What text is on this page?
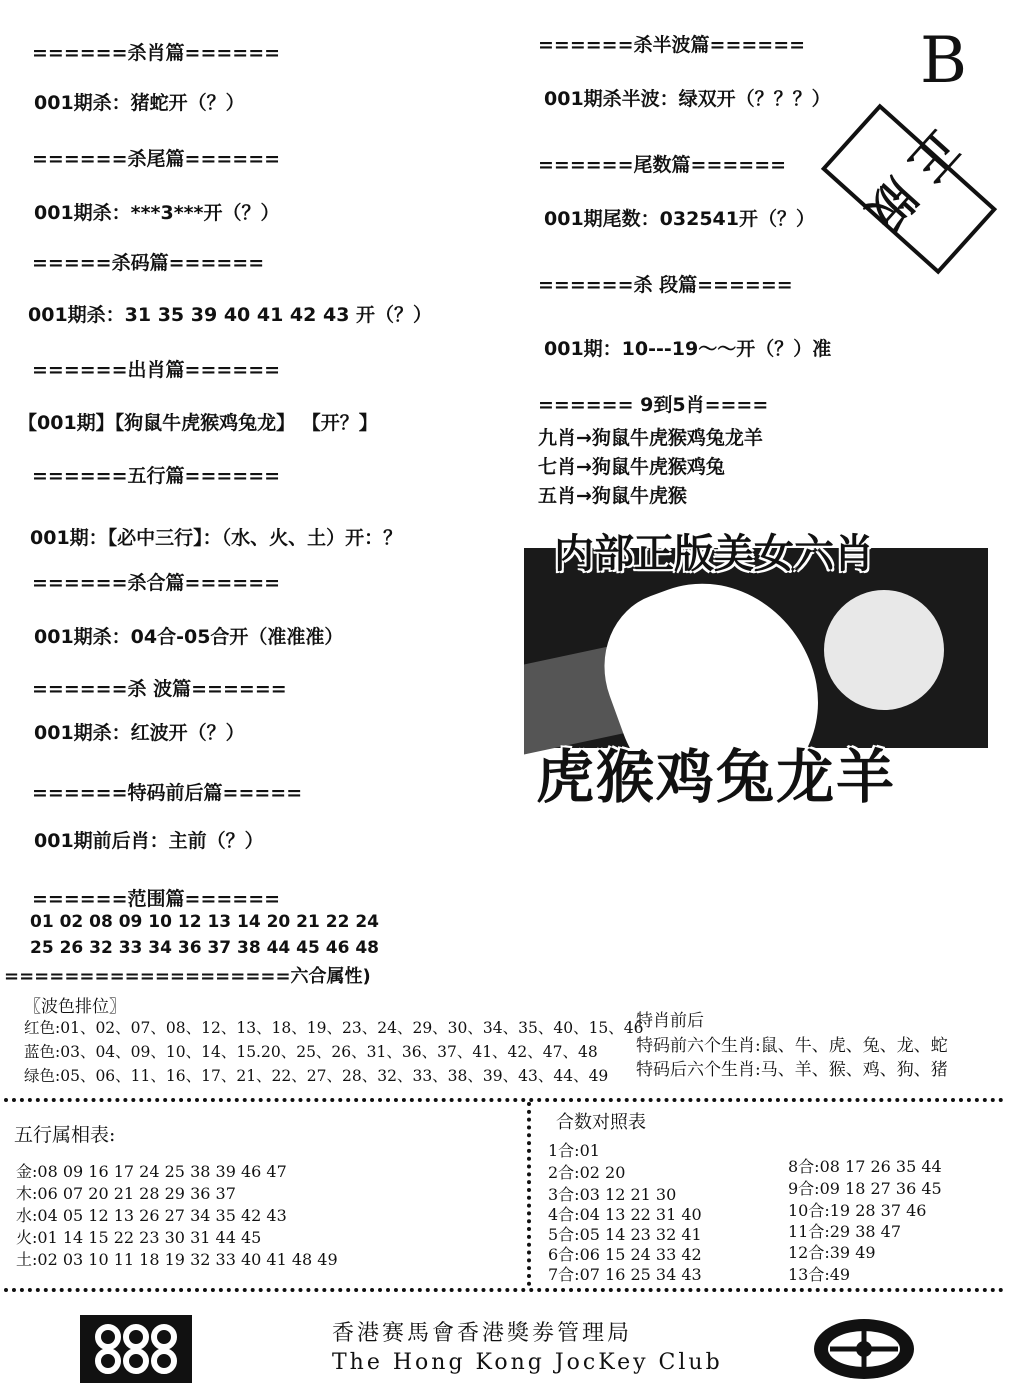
======杀肖篇======
001期杀：猪蛇开（？）
======杀尾篇======
001期杀：***3***开（？）
=====杀码篇======
001期杀：31 35 39 40 41 42 43 开（？）
======出肖篇======
【001期】【狗鼠牛虎猴鸡兔龙】 【开？】
======五行篇======
001期：【必中三行】：（水、火、土）开：？
======杀合篇======
001期杀：04合-05合开（准准准）
======杀 波篇======
001期杀：红波开（？）
======特码前后篇=====
001期前后肖：主前（？）
======范围篇======
01 02 08 09 10 12 13 14 20 21 22 24
25 26 32 33 34 36 37 38 44 45 46 48
======杀半波篇====== B
001期杀半波：绿双开（？？？）
======尾数篇======
001期尾数：032541开（？）
======杀 段篇======
001期：10---19～～开（？）准
====== 9到5肖====
九肖→狗鼠牛虎猴鸡兔龙羊
七肖→狗鼠牛虎猴鸡兔
五肖→狗鼠牛虎猴
正版
内部正版美女六肖
虎猴鸡兔龙羊
===================六合属性)
〖波色排位〗
红色:01、02、07、08、12、13、18、19、23、24、29、30、34、35、40、15、46
蓝色:03、04、09、10、14、15.20、25、26、31、36、37、41、42、47、48
绿色:05、06、11、16、17、21、22、27、28、32、33、38、39、43、44、49
特肖前后
特码前六个生肖:鼠、牛、虎、兔、龙、蛇
特码后六个生肖:马、羊、猴、鸡、狗、猪
五行属相表:
金:08 09 16 17 24 25 38 39 46 47
木:06 07 20 21 28 29 36 37
水:04 05 12 13 26 27 34 35 42 43
火:01 14 15 22 23 30 31 44 45
土:02 03 10 11 18 19 32 33 40 41 48 49
合数对照表
1合:01
2合:02 20
3合:03 12 21 30
4合:04 13 22 31 40
5合:05 14 23 32 41
6合:06 15 24 33 42
7合:07 16 25 34 43
8合:08 17 26 35 44
9合:09 18 27 36 45
10合:19 28 37 46
11合:29 38 47
12合:39 49
13合:49
香港赛馬會香港獎劵管理局
The Hong Kong JocKey Club
